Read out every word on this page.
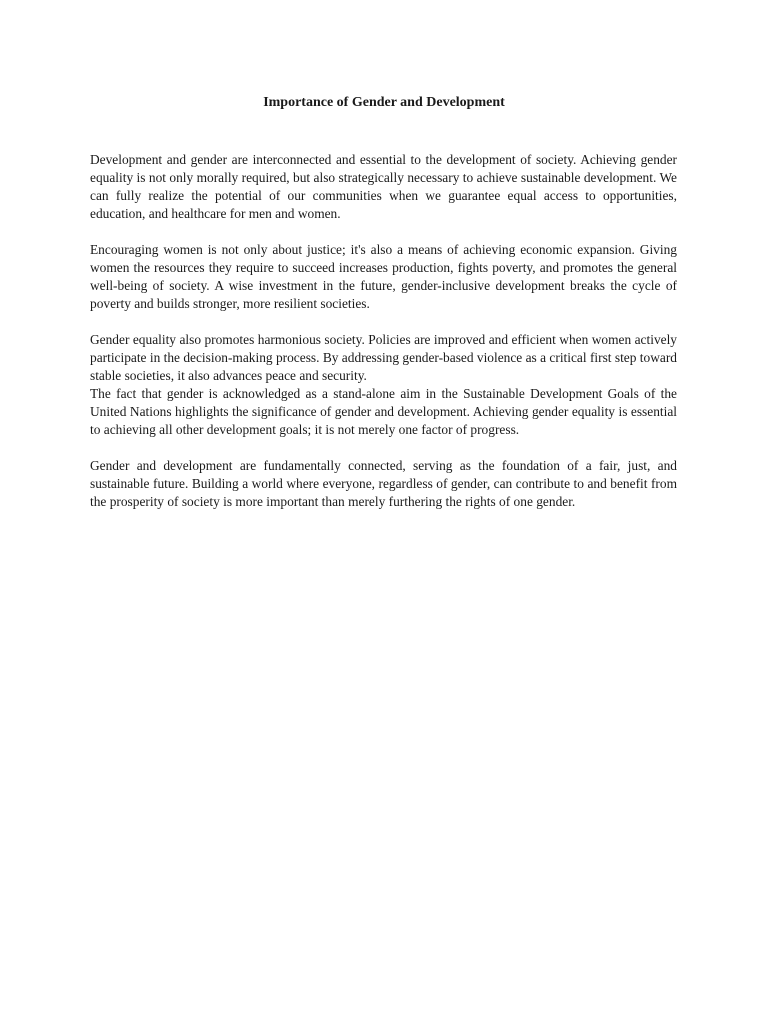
Importance of Gender and Development

Development and gender are interconnected and essential to the development of society. Achieving gender equality is not only morally required, but also strategically necessary to achieve sustainable development. We can fully realize the potential of our communities when we guarantee equal access to opportunities, education, and healthcare for men and women.

Encouraging women is not only about justice; it's also a means of achieving economic expansion. Giving women the resources they require to succeed increases production, fights poverty, and promotes the general well-being of society. A wise investment in the future, gender-inclusive development breaks the cycle of poverty and builds stronger, more resilient societies.

Gender equality also promotes harmonious society. Policies are improved and efficient when women actively participate in the decision-making process. By addressing gender-based violence as a critical first step toward stable societies, it also advances peace and security.

The fact that gender is acknowledged as a stand-alone aim in the Sustainable Development Goals of the United Nations highlights the significance of gender and development. Achieving gender equality is essential to achieving all other development goals; it is not merely one factor of progress.

Gender and development are fundamentally connected, serving as the foundation of a fair, just, and sustainable future. Building a world where everyone, regardless of gender, can contribute to and benefit from the prosperity of society is more important than merely furthering the rights of one gender.
